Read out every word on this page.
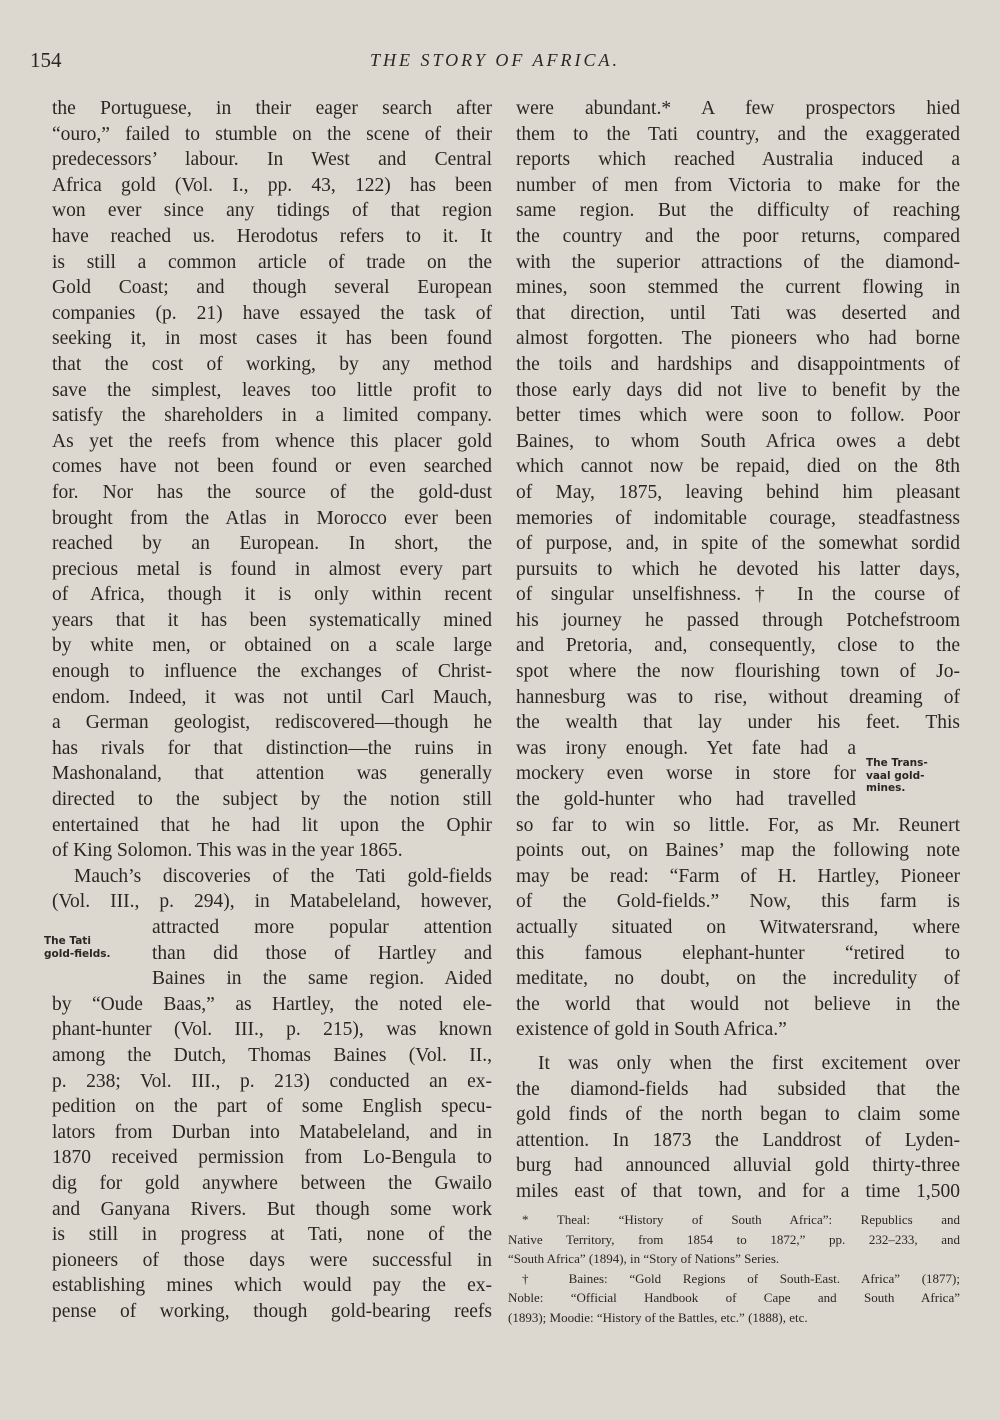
154	THE STORY OF AFRICA.
the Portuguese, in their eager search after
“ouro,” failed to stumble on the scene of their
predecessors’ labour. In West and Central
Africa gold (Vol. I., pp. 43, 122) has been
won ever since any tidings of that region
have reached us. Herodotus refers to it. It
is still a common article of trade on the
Gold Coast; and though several European
companies (p. 21) have essayed the task of
seeking it, in most cases it has been found
that the cost of working, by any method
save the simplest, leaves too little profit to
satisfy the shareholders in a limited company.
As yet the reefs from whence this placer gold
comes have not been found or even searched
for. Nor has the source of the gold-dust
brought from the Atlas in Morocco ever been
reached by an European. In short, the
precious metal is found in almost every part
of Africa, though it is only within recent
years that it has been systematically mined
by white men, or obtained on a scale large
enough to influence the exchanges of Christ-
endom. Indeed, it was not until Carl Mauch,
a German geologist, rediscovered—though he
has rivals for that distinction—the ruins in
Mashonaland, that attention was generally
directed to the subject by the notion still
entertained that he had lit upon the Ophir
of King Solomon. This was in the year 1865.
Mauch’s discoveries of the Tati gold-fields
(Vol. III., p. 294), in Matabeleland, however,
attracted more popular attention
than did those of Hartley and
Baines in the same region. Aided
by “Oude Baas,” as Hartley, the noted ele-
phant-hunter (Vol. III., p. 215), was known
among the Dutch, Thomas Baines (Vol. II.,
p. 238; Vol. III., p. 213) conducted an ex-
pedition on the part of some English specu-
lators from Durban into Matabeleland, and in
1870 received permission from Lo-Bengula to
dig for gold anywhere between the Gwailo
and Ganyana Rivers. But though some work
is still in progress at Tati, none of the
pioneers of those days were successful in
establishing mines which would pay the ex-
pense of working, though gold-bearing reefs
The Tati
gold-fields.
were abundant.* A few prospectors hied
them to the Tati country, and the exaggerated
reports which reached Australia induced a
number of men from Victoria to make for the
same region. But the difficulty of reaching
the country and the poor returns, compared
with the superior attractions of the diamond-
mines, soon stemmed the current flowing in
that direction, until Tati was deserted and
almost forgotten. The pioneers who had borne
the toils and hardships and disappointments of
those early days did not live to benefit by the
better times which were soon to follow. Poor
Baines, to whom South Africa owes a debt
which cannot now be repaid, died on the 8th
of May, 1875, leaving behind him pleasant
memories of indomitable courage, steadfastness
of purpose, and, in spite of the somewhat sordid
pursuits to which he devoted his latter days,
of singular unselfishness.† In the course of
his journey he passed through Potchefstroom
and Pretoria, and, consequently, close to the
spot where the now flourishing town of Jo-
hannesburg was to rise, without dreaming of
the wealth that lay under his feet. This
was irony enough. Yet fate had a
mockery even worse in store for
the gold-hunter who had travelled
so far to win so little. For, as Mr. Reunert
points out, on Baines’ map the following note
may be read: “Farm of H. Hartley, Pioneer
of the Gold-fields.” Now, this farm is
actually situated on Witwatersrand, where
this famous elephant-hunter “retired to
meditate, no doubt, on the incredulity of
the world that would not believe in the
existence of gold in South Africa.”
It was only when the first excitement over
the diamond-fields had subsided that the
gold finds of the north began to claim some
attention. In 1873 the Landdrost of Lyden-
burg had announced alluvial gold thirty-three
miles east of that town, and for a time 1,500
The Trans-
vaal gold-
mines.
* Theal: “History of South Africa”: Republics and
Native Territory, from 1854 to 1872,” pp. 232–233, and
“South Africa” (1894), in “Story of Nations” Series.
† Baines: “Gold Regions of South-East. Africa” (1877);
Noble: “Official Handbook of Cape and South Africa”
(1893); Moodie: “History of the Battles, etc.” (1888), etc.
